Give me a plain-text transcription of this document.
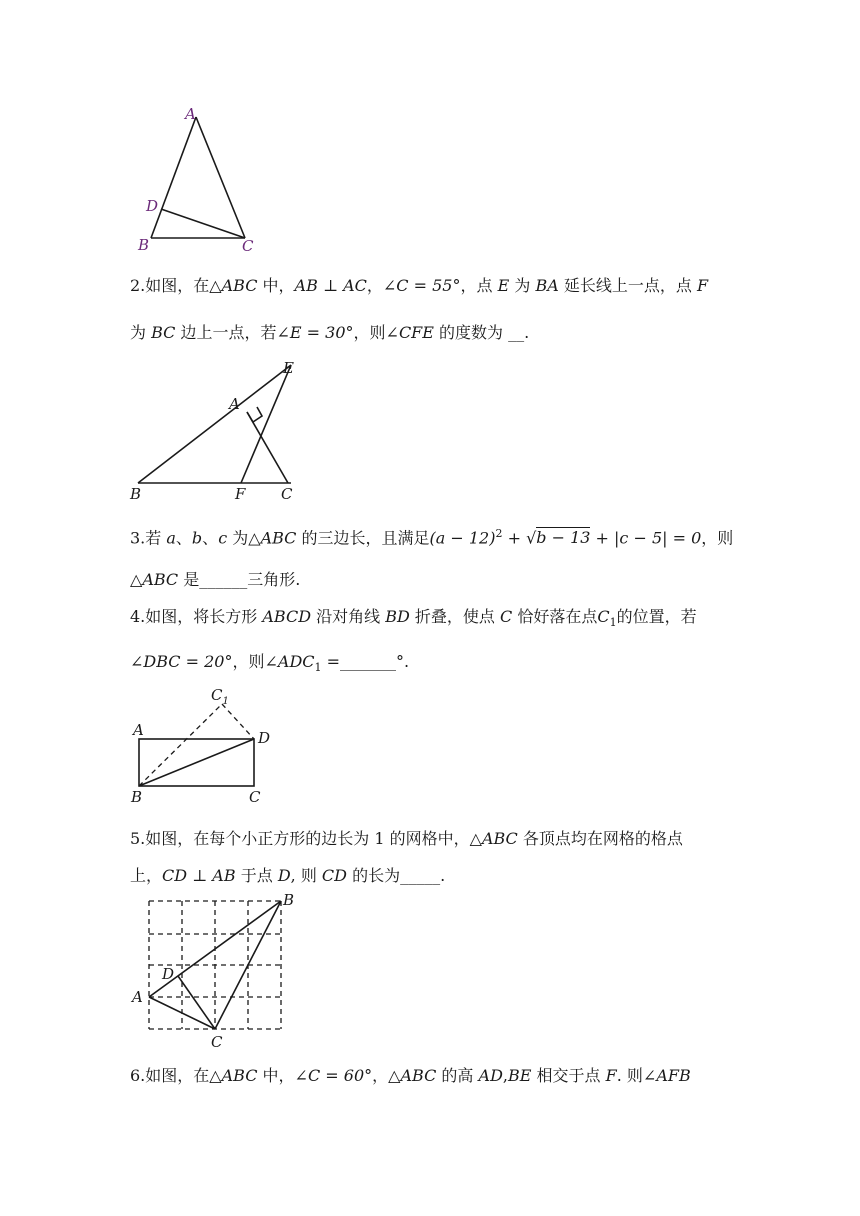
A
D
B	C
2.如图，在△ABC 中，AB ⊥ AC，∠C = 55°，点 E 为 BA 延长线上一点，点 F
为 BC 边上一点，若∠E = 30°，则∠CFE 的度数为 __.
E
A
B	F C
3.若 a、b、c 为△ABC 的三边长，且满足$(a - 12)^2 + √b - 13 + |c - 5| = 0$，则
△ABC 是______三角形.
4.如图，将长方形 ABCD 沿对角线 BD 折叠，使点 C 恰好落在点$C_1$的位置，若
∠DBC = 20°，则$\angle ADC_1$ =_______°.
A	D
B	C
$C_1$
5.如图，在每个小正方形的边长为 1 的网格中，△ABC 各顶点均在网格的格点
上，CD ⊥ AB 于点 D, 则 CD 的长为_____.
B
D
A
C
6.如图，在△ABC 中，∠C = 60°，△ABC 的高 AD,BE 相交于点 F. 则∠AFB
